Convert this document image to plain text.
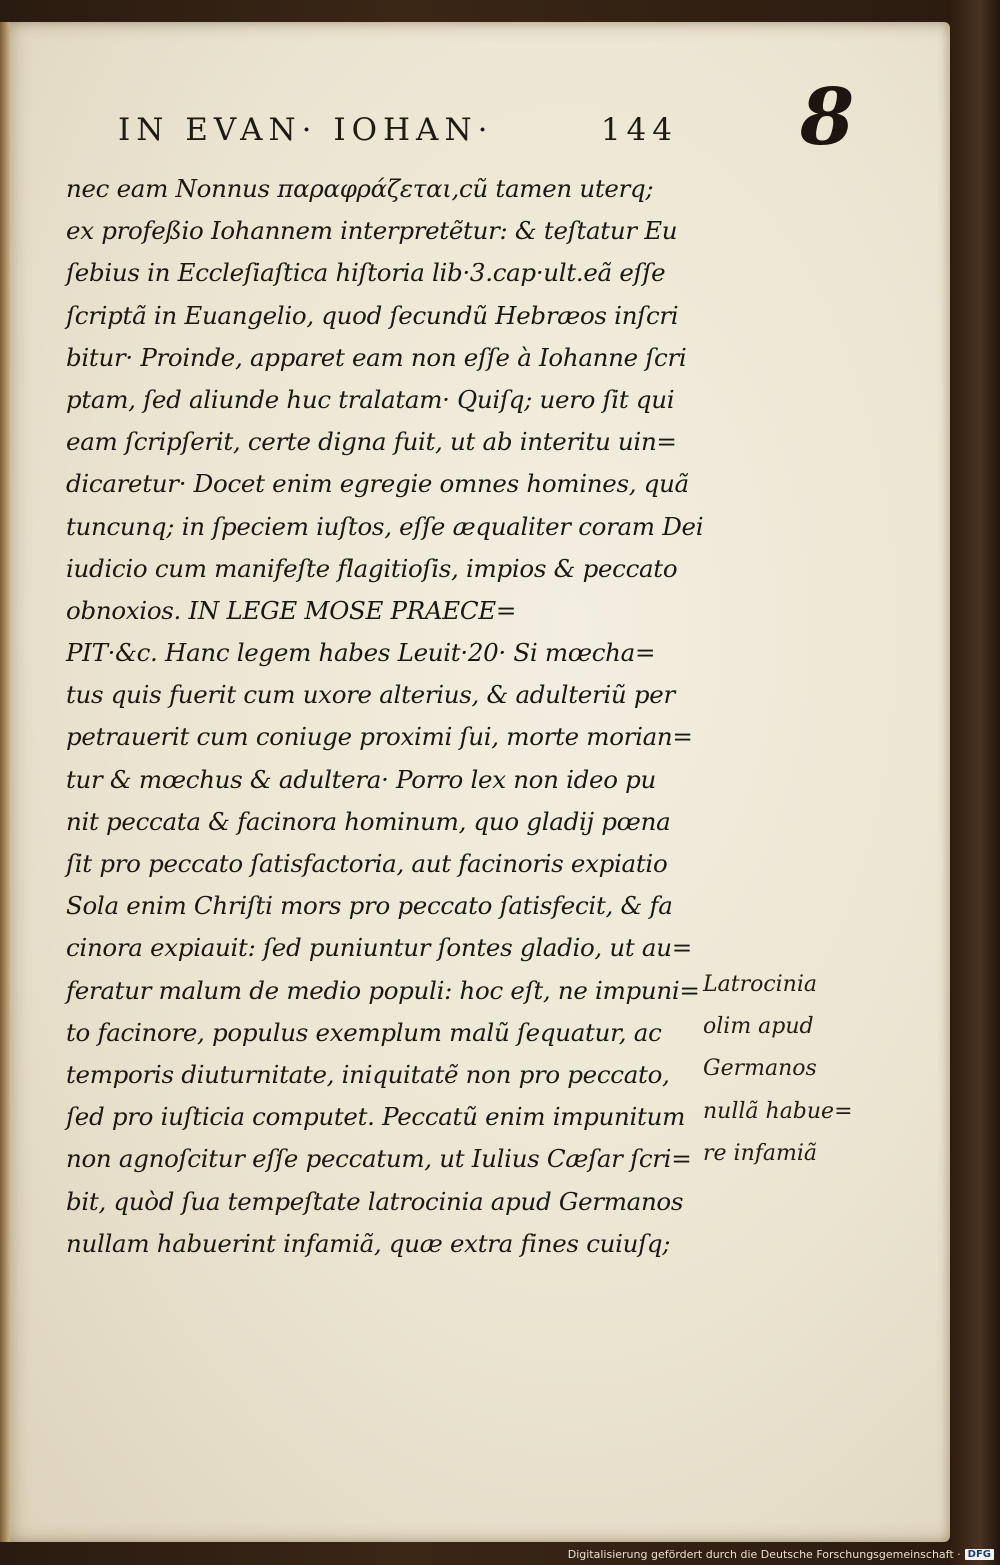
IN EVAN· IOHAN·	144 8
nec eam Nonnus παραφράζεται,cũ tamen uterq;
ex profeßio Iohannem interpretẽtur: & teſtatur Eu
ſebius in Eccleſiaſtica hiſtoria lib·3.cap·ult.eã eſſe
ſcriptã in Euangelio, quod ſecundũ Hebræos inſcri
bitur· Proinde, apparet eam non eſſe à Iohanne ſcri
ptam, ſed aliunde huc tralatam· Quiſq; uero ſit qui
eam ſcripſerit, certe digna fuit, ut ab interitu uin=
dicaretur· Docet enim egregie omnes homines, quã
tuncunq; in ſpeciem iuſtos, eſſe æqualiter coram Dei
iudicio cum manifeſte flagitioſis, impios & peccato
obnoxios. IN LEGE MOSE PRAECE=
PIT·&c. Hanc legem habes Leuit·20· Si mœcha=
tus quis fuerit cum uxore alterius, & adulteriũ per
petrauerit cum coniuge proximi ſui, morte morian=
tur & mœchus & adultera· Porro lex non ideo pu
nit peccata & facinora hominum, quo gladij pœna
ſit pro peccato ſatisfactoria, aut facinoris expiatio
Sola enim Chriſti mors pro peccato ſatisfecit, & fa
cinora expiauit: ſed puniuntur ſontes gladio, ut au=
feratur malum de medio populi: hoc eſt, ne impuni=
to facinore, populus exemplum malũ ſequatur, ac
temporis diuturnitate, iniquitatẽ non pro peccato,
ſed pro iuſticia computet. Peccatũ enim impunitum
non agnoſcitur eſſe peccatum, ut Iulius Cæſar ſcri=
bit, quòd ſua tempeſtate latrocinia apud Germanos
nullam habuerint infamiã, quæ extra fines cuiuſq;
Latrocinia
olim apud
Germanos
nullã habue=
re infamiã
Digitalisierung gefördert durch die Deutsche Forschungsgemeinschaft · DFG
